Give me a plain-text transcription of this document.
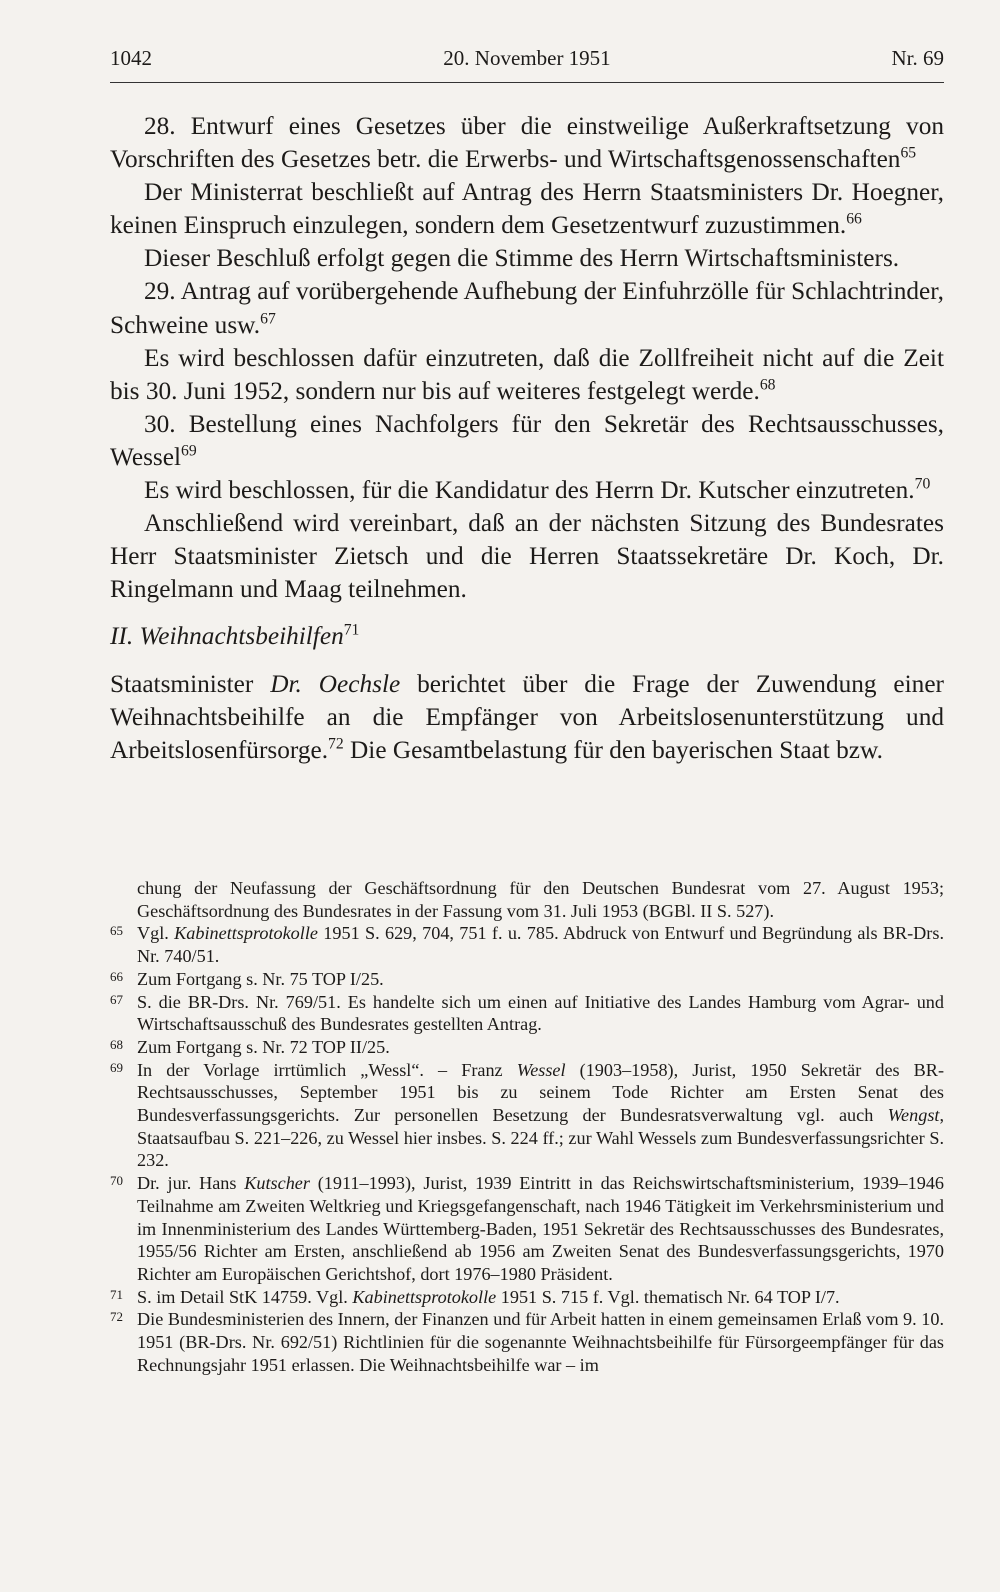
1042	20. November 1951	Nr. 69

28. Entwurf eines Gesetzes über die einstweilige Außerkraftsetzung von Vorschriften des Gesetzes betr. die Erwerbs- und Wirtschaftsgenossenschaften$^{65}$

Der Ministerrat beschließt auf Antrag des Herrn Staatsministers Dr. Hoegner, keinen Einspruch einzulegen, sondern dem Gesetzentwurf zuzustimmen.$^{66}$

Dieser Beschluß erfolgt gegen die Stimme des Herrn Wirtschaftsministers.

29. Antrag auf vorübergehende Aufhebung der Einfuhrzölle für Schlachtrinder, Schweine usw.$^{67}$

Es wird beschlossen dafür einzutreten, daß die Zollfreiheit nicht auf die Zeit bis 30. Juni 1952, sondern nur bis auf weiteres festgelegt werde.$^{68}$

30. Bestellung eines Nachfolgers für den Sekretär des Rechtsausschusses, Wessel$^{69}$

Es wird beschlossen, für die Kandidatur des Herrn Dr. Kutscher einzutreten.$^{70}$

Anschließend wird vereinbart, daß an der nächsten Sitzung des Bundesrates Herr Staatsminister Zietsch und die Herren Staatssekretäre Dr. Koch, Dr. Ringelmann und Maag teilnehmen.

II. Weihnachtsbeihilfen$^{71}$

Staatsminister Dr. Oechsle berichtet über die Frage der Zuwendung einer Weihnachtsbeihilfe an die Empfänger von Arbeitslosenunterstützung und Arbeitslosenfürsorge.$^{72}$ Die Gesamtbelastung für den bayerischen Staat bzw.

chung der Neufassung der Geschäftsordnung für den Deutschen Bundesrat vom 27. August 1953; Geschäftsordnung des Bundesrates in der Fassung vom 31. Juli 1953 (BGBl. II S. 527).

65 Vgl. Kabinettsprotokolle 1951 S. 629, 704, 751 f. u. 785. Abdruck von Entwurf und Begründung als BR-Drs. Nr. 740/51.

66 Zum Fortgang s. Nr. 75 TOP I/25.

67 S. die BR-Drs. Nr. 769/51. Es handelte sich um einen auf Initiative des Landes Hamburg vom Agrar- und Wirtschaftsausschuß des Bundesrates gestellten Antrag.

68 Zum Fortgang s. Nr. 72 TOP II/25.

69 In der Vorlage irrtümlich „Wessl“. – Franz Wessel (1903–1958), Jurist, 1950 Sekretär des BR-Rechtsausschusses, September 1951 bis zu seinem Tode Richter am Ersten Senat des Bundesverfassungsgerichts. Zur personellen Besetzung der Bundesratsverwaltung vgl. auch Wengst, Staatsaufbau S. 221–226, zu Wessel hier insbes. S. 224 ff.; zur Wahl Wessels zum Bundesverfassungsrichter S. 232.

70 Dr. jur. Hans Kutscher (1911–1993), Jurist, 1939 Eintritt in das Reichswirtschaftsministerium, 1939–1946 Teilnahme am Zweiten Weltkrieg und Kriegsgefangenschaft, nach 1946 Tätigkeit im Verkehrsministerium und im Innenministerium des Landes Württemberg-Baden, 1951 Sekretär des Rechtsausschusses des Bundesrates, 1955/56 Richter am Ersten, anschließend ab 1956 am Zweiten Senat des Bundesverfassungsgerichts, 1970 Richter am Europäischen Gerichtshof, dort 1976–1980 Präsident.

71 S. im Detail StK 14759. Vgl. Kabinettsprotokolle 1951 S. 715 f. Vgl. thematisch Nr. 64 TOP I/7.

72 Die Bundesministerien des Innern, der Finanzen und für Arbeit hatten in einem gemeinsamen Erlaß vom 9. 10. 1951 (BR-Drs. Nr. 692/51) Richtlinien für die sogenannte Weihnachtsbeihilfe für Fürsorgeempfänger für das Rechnungsjahr 1951 erlassen. Die Weihnachtsbeihilfe war – im
